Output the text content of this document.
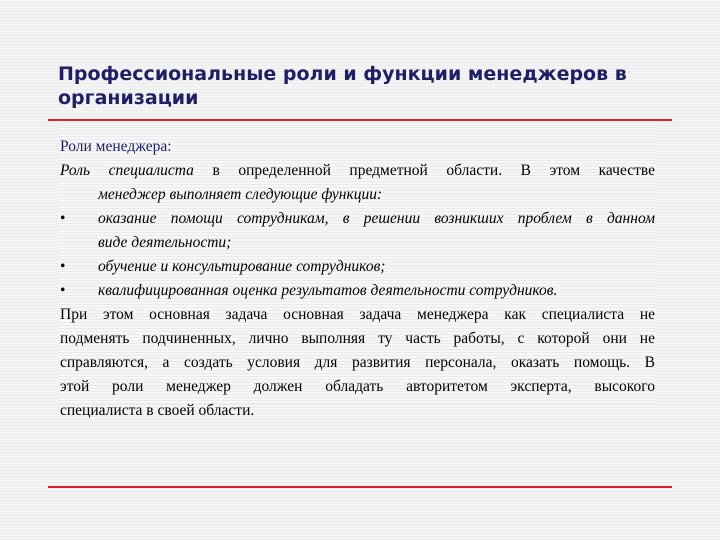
Профессиональные роли и функции менеджеров в организации
Роли менеджера:
Роль специалиста в определенной предметной области. В этом качестве
менеджер выполняет следующие функции:
•	оказание помощи сотрудникам, в решении возникших проблем в данном
виде деятельности;
•	обучение и консультирование сотрудников;
•	квалифицированная оценка результатов деятельности сотрудников.
При этом основная задача основная задача менеджера как специалиста не
подменять подчиненных, лично выполняя ту часть работы, с которой они не
справляются, а создать условия для развития персонала, оказать помощь. В
этой роли менеджер должен обладать авторитетом эксперта, высокого
специалиста в своей области.
